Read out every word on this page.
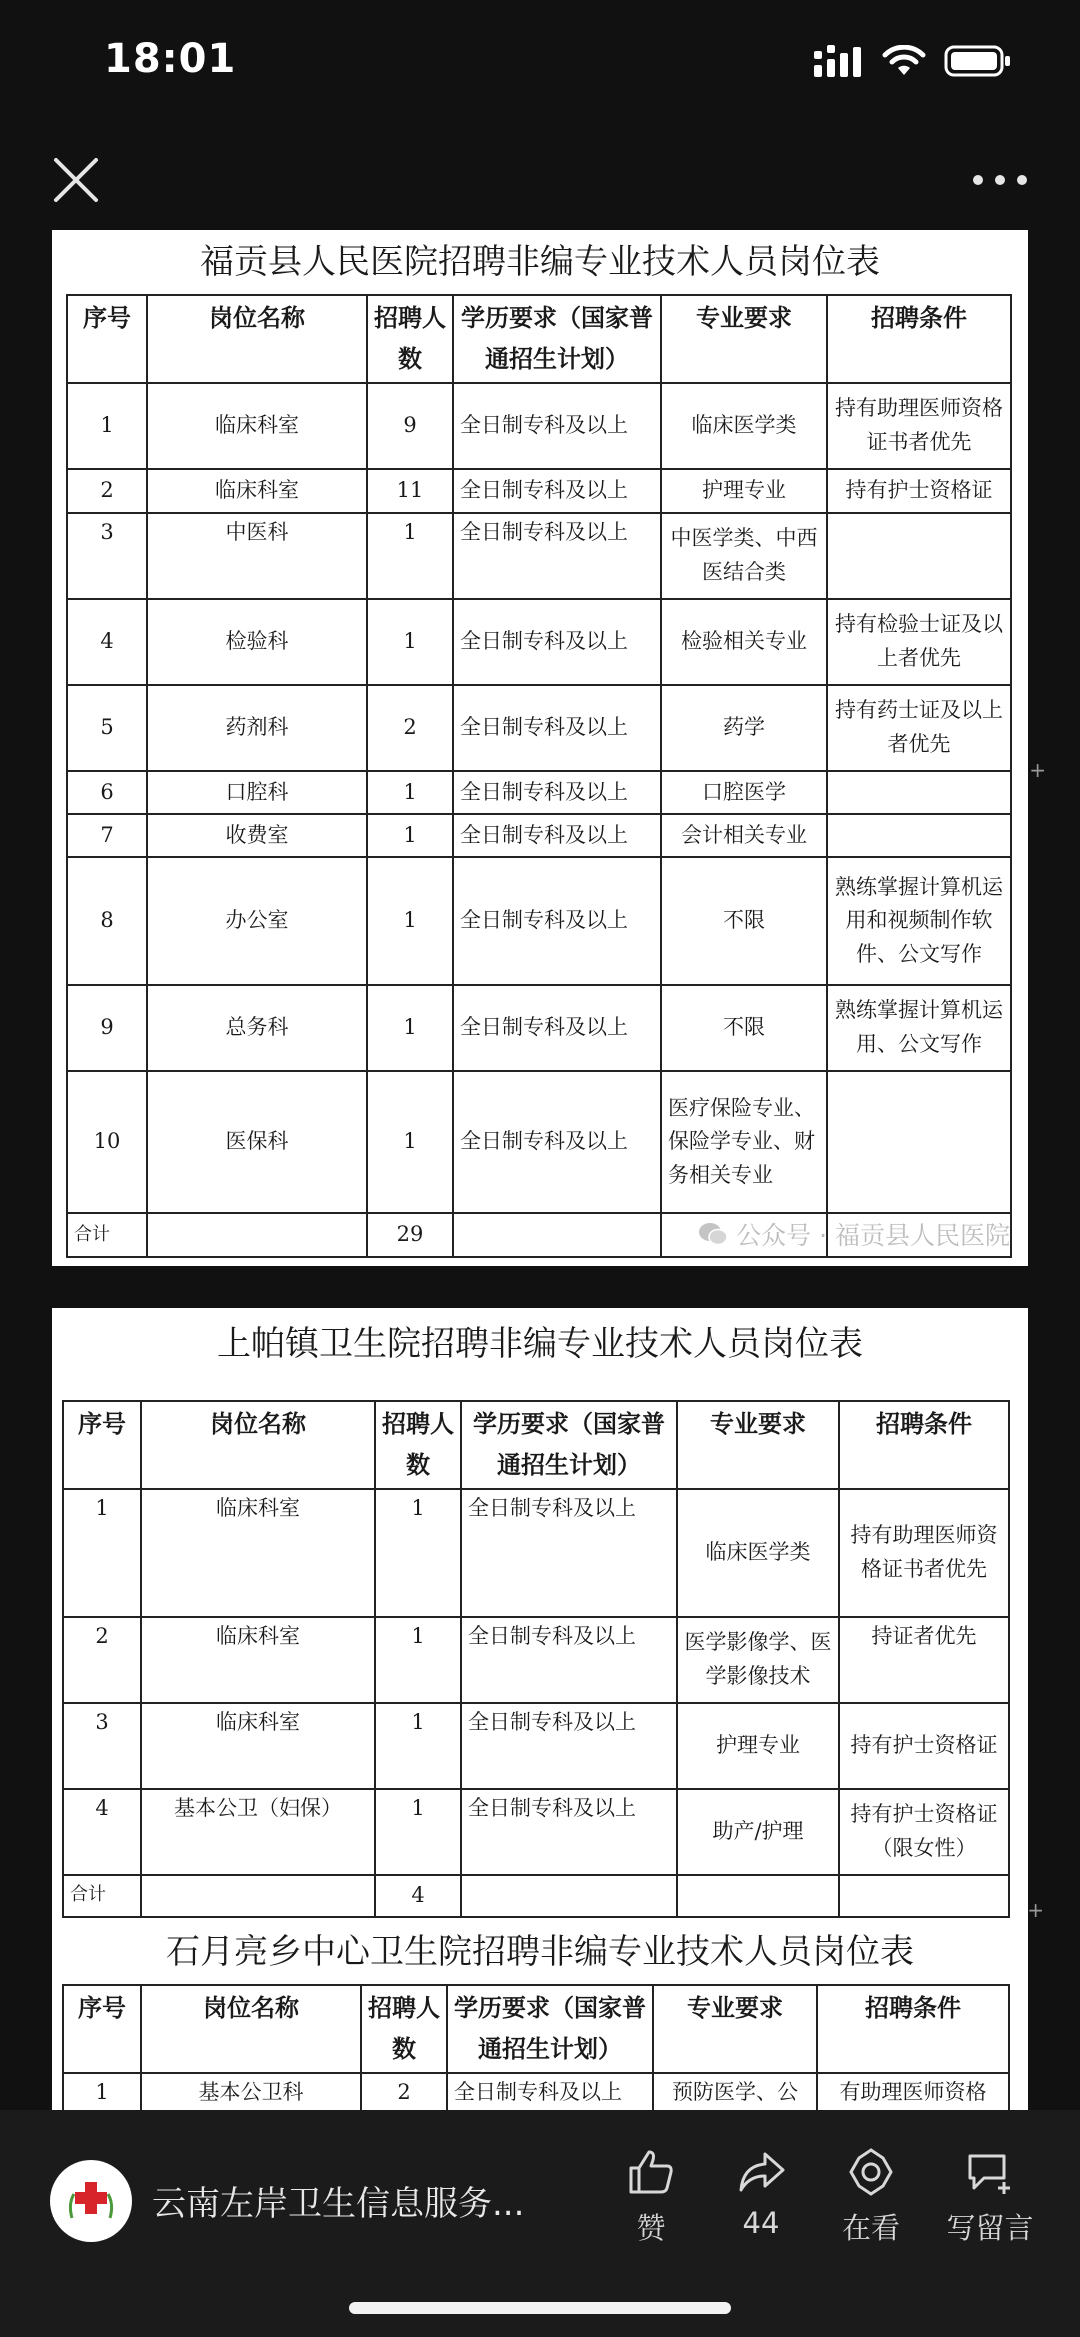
18:01
福贡县人民医院招聘非编专业技术人员岗位表
序号	岗位名称	招聘人数	学历要求（国家普通招生计划）	专业要求	招聘条件
1	临床科室	9	全日制专科及以上	临床医学类	持有助理医师资格证书者优先
2	临床科室	11	全日制专科及以上	护理专业	持有护士资格证
3	中医科	1	全日制专科及以上	中医学类、中西医结合类	
4	检验科	1	全日制专科及以上	检验相关专业	持有检验士证及以上者优先
5	药剂科	2	全日制专科及以上	药学	持有药士证及以上者优先
6	口腔科	1	全日制专科及以上	口腔医学	
7	收费室	1	全日制专科及以上	会计相关专业	
8	办公室	1	全日制专科及以上	不限	熟练掌握计算机运用和视频制作软件、公文写作
9	总务科	1	全日制专科及以上	不限	熟练掌握计算机运用、公文写作
10	医保科	1	全日制专科及以上	医疗保险专业、保险学专业、财务相关专业	
合计		29				公众号 · 福贡县人民医院
+
上帕镇卫生院招聘非编专业技术人员岗位表
序号	岗位名称	招聘人数	学历要求（国家普通招生计划）	专业要求	招聘条件
1	临床科室	1	全日制专科及以上	临床医学类	持有助理医师资格证书者优先
2	临床科室	1	全日制专科及以上	医学影像学、医学影像技术	持证者优先
3	临床科室	1	全日制专科及以上	护理专业	持有护士资格证
4	基本公卫（妇保）	1	全日制专科及以上	助产/护理	持有护士资格证（限女性）
合计		4			
石月亮乡中心卫生院招聘非编专业技术人员岗位表
+
序号	岗位名称	招聘人数	学历要求（国家普通招生计划）	专业要求	招聘条件
1	基本公卫科	2	全日制专科及以上	预防医学、公	有助理医师资格
云南左岸卫生信息服务...
赞	44	在看	写留言
